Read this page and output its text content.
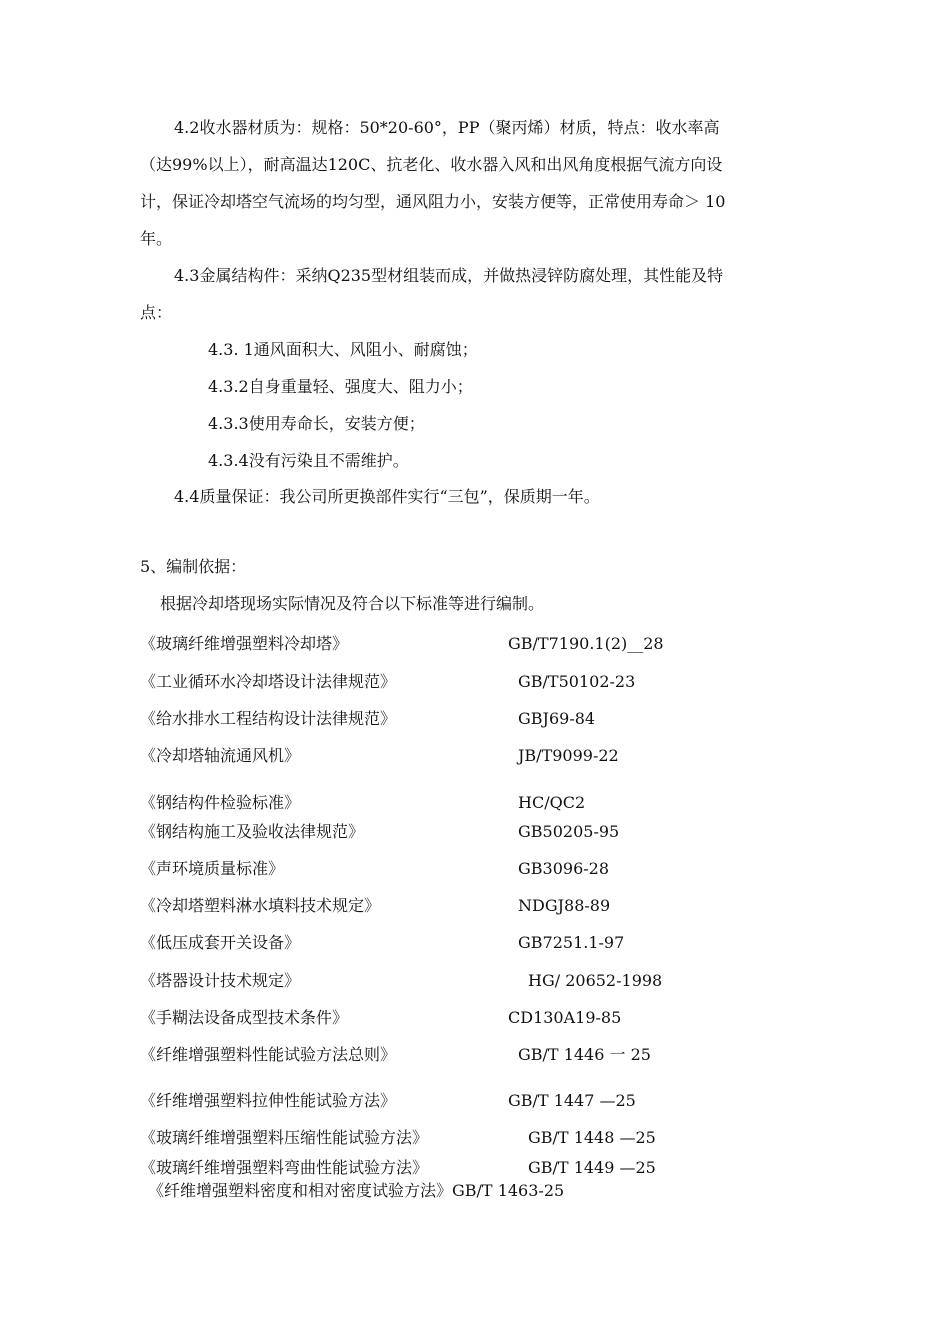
4.2收水器材质为：规格：50*20-60°，PP（聚丙烯）材质，特点：收水率高
（达99%以上），耐高温达120C、抗老化、收水器入风和出风角度根据气流方向设
计，保证冷却塔空气流场的均匀型，通风阻力小，安装方便等，正常使用寿命＞ 10
年。
4.3金属结构件：采纳Q235型材组装而成，并做热浸锌防腐处理，其性能及特
点：
4.3. 1通风面积大、风阻小、耐腐蚀；
4.3.2自身重量轻、强度大、阻力小；
4.3.3使用寿命长，安装方便；
4.3.4没有污染且不需维护。
4.4质量保证：我公司所更换部件实行“三包”，保质期一年。
5、编制依据：
根据冷却塔现场实际情况及符合以下标准等进行编制。
《玻璃纤维增强塑料冷却塔》	GB/T7190.1(2)__28
《工业循环水冷却塔设计法律规范》	GB/T50102-23
《给水排水工程结构设计法律规范》	GBJ69-84
《冷却塔轴流通风机》	JB/T9099-22
《钢结构件检验标准》	HC/QC2
《钢结构施工及验收法律规范》	GB50205-95
《声环境质量标准》	GB3096-28
《冷却塔塑料淋水填料技术规定》	NDGJ88-89
《低压成套开关设备》	GB7251.1-97
《塔器设计技术规定》	HG/ 20652-1998
《手糊法设备成型技术条件》	CD130A19-85
《纤维增强塑料性能试验方法总则》	GB/T 1446 一 25
《纤维增强塑料拉伸性能试验方法》	GB/T 1447 —25
《玻璃纤维增强塑料压缩性能试验方法》	GB/T 1448 —25
《玻璃纤维增强塑料弯曲性能试验方法》	GB/T 1449 —25
《纤维增强塑料密度和相对密度试验方法》GB/T 1463-25
